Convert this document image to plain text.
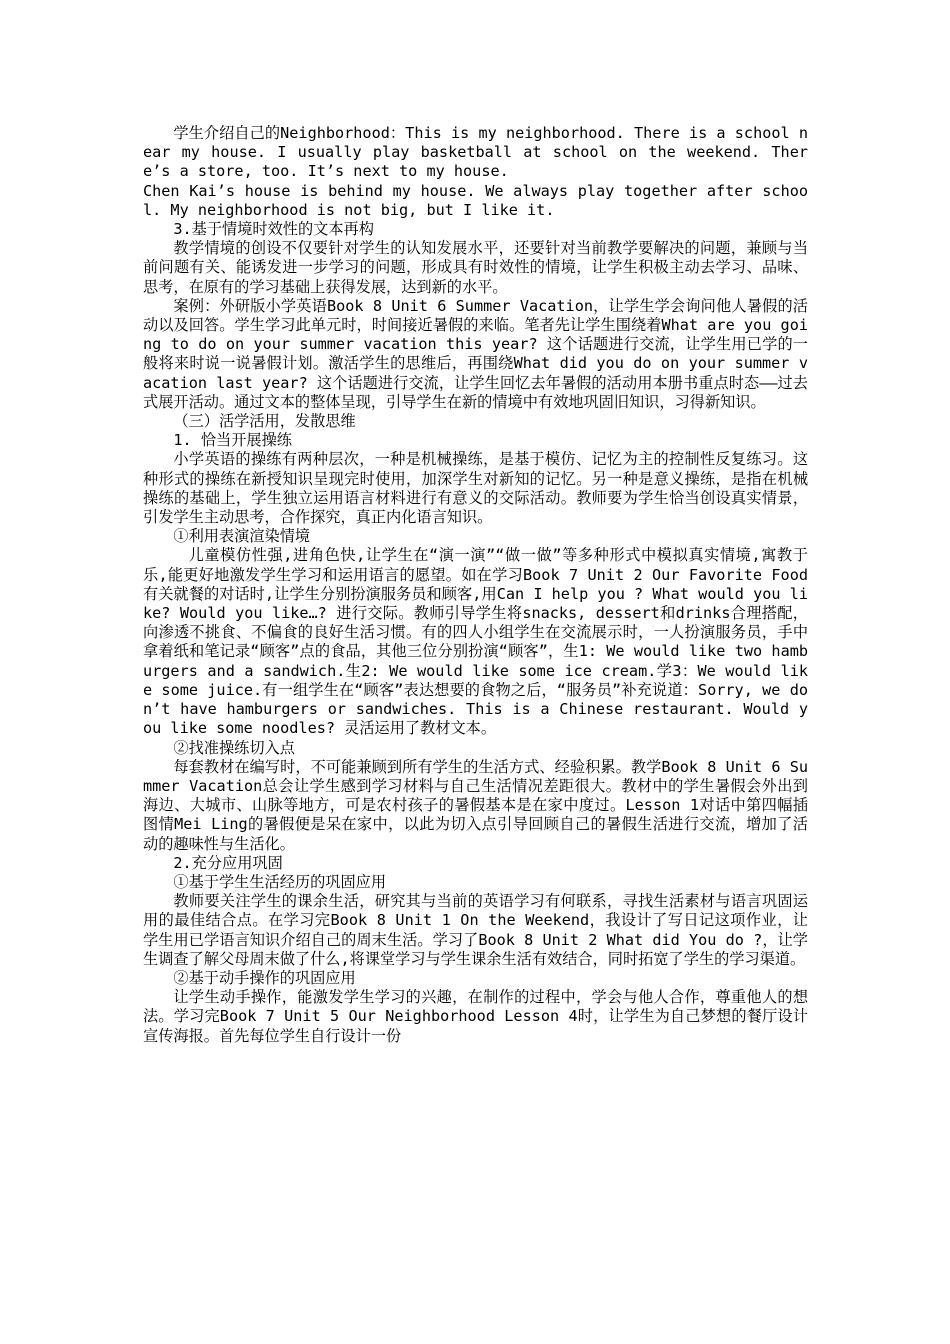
学生介绍自己的Neighborhood：This is my neighborhood. There is a school near my house. I usually play basketball at school on the weekend. There’s a store, too. It’s next to my house.

Chen Kai’s house is behind my house. We always play together after school. My neighborhood is not big, but I like it.

3.基于情境时效性的文本再构

教学情境的创设不仅要针对学生的认知发展水平，还要针对当前教学要解决的问题，兼顾与当前问题有关、能诱发进一步学习的问题，形成具有时效性的情境，让学生积极主动去学习、品味、思考，在原有的学习基础上获得发展，达到新的水平。

案例：外研版小学英语Book 8 Unit 6 Summer Vacation，让学生学会询问他人暑假的活动以及回答。学生学习此单元时，时间接近暑假的来临。笔者先让学生围绕着What are you going to do on your summer vacation this year? 这个话题进行交流，让学生用已学的一般将来时说一说暑假计划。激活学生的思维后，再围绕What did you do on your summer vacation last year? 这个话题进行交流，让学生回忆去年暑假的活动用本册书重点时态——过去式展开活动。通过文本的整体呈现，引导学生在新的情境中有效地巩固旧知识，习得新知识。

（三）活学活用，发散思维

1. 恰当开展操练

小学英语的操练有两种层次，一种是机械操练，是基于模仿、记忆为主的控制性反复练习。这种形式的操练在新授知识呈现完时使用，加深学生对新知的记忆。另一种是意义操练，是指在机械操练的基础上，学生独立运用语言材料进行有意义的交际活动。教师要为学生恰当创设真实情景，引发学生主动思考，合作探究，真正内化语言知识。

①利用表演渲染情境

儿童模仿性强,进角色快,让学生在“演一演”“做一做”等多种形式中模拟真实情境,寓教于乐,能更好地激发学生学习和运用语言的愿望。如在学习Book 7 Unit 2 Our Favorite Food有关就餐的对话时,让学生分别扮演服务员和顾客,用Can I help you ? What would you like? Would you like…? 进行交际。教师引导学生将snacks, dessert和drinks合理搭配，向渗透不挑食、不偏食的良好生活习惯。有的四人小组学生在交流展示时，一人扮演服务员，手中拿着纸和笔记录“顾客”点的食品，其他三位分别扮演“顾客”，生1: We would like two hamburgers and a sandwich.生2: We would like some ice cream.学3：We would like some juice.有一组学生在“顾客”表达想要的食物之后，“服务员”补充说道：Sorry, we don’t have hamburgers or sandwiches. This is a Chinese restaurant. Would you like some noodles? 灵活运用了教材文本。

②找准操练切入点

每套教材在编写时，不可能兼顾到所有学生的生活方式、经验积累。教学Book 8 Unit 6 Summer Vacation总会让学生感到学习材料与自己生活情况差距很大。教材中的学生暑假会外出到海边、大城市、山脉等地方，可是农村孩子的暑假基本是在家中度过。Lesson 1对话中第四幅插图情Mei Ling的暑假便是呆在家中，以此为切入点引导回顾自己的暑假生活进行交流，增加了活动的趣味性与生活化。

2.充分应用巩固

①基于学生生活经历的巩固应用

教师要关注学生的课余生活，研究其与当前的英语学习有何联系，寻找生活素材与语言巩固运用的最佳结合点。在学习完Book 8 Unit 1 On the Weekend，我设计了写日记这项作业，让学生用已学语言知识介绍自己的周末生活。学习了Book 8 Unit 2 What did You do ?，让学生调查了解父母周末做了什么,将课堂学习与学生课余生活有效结合，同时拓宽了学生的学习渠道。

②基于动手操作的巩固应用

让学生动手操作，能激发学生学习的兴趣，在制作的过程中，学会与他人合作，尊重他人的想法。学习完Book 7 Unit 5 Our Neighborhood Lesson 4时，让学生为自己梦想的餐厅设计宣传海报。首先每位学生自行设计一份
